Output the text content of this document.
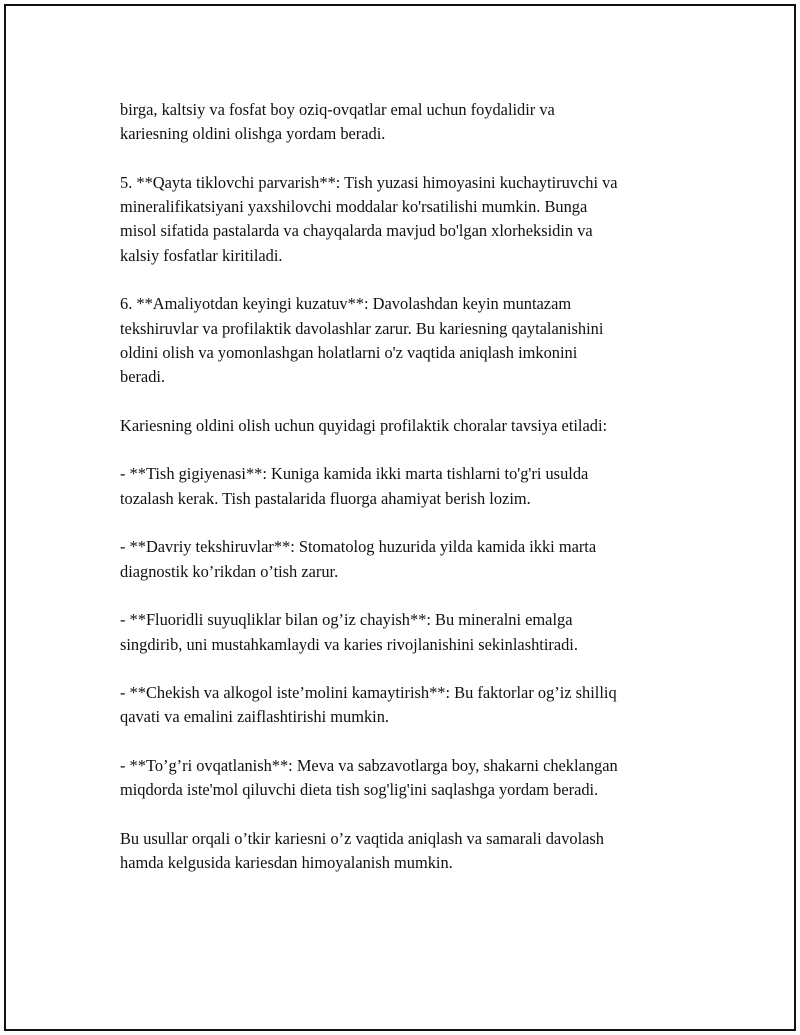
birga, kaltsiy va fosfat boy oziq-ovqatlar emal uchun foydalidir va
kariesning oldini olishga yordam beradi.

5. **Qayta tiklovchi parvarish**: Tish yuzasi himoyasini kuchaytiruvchi va
mineralifikatsiyani yaxshilovchi moddalar ko'rsatilishi mumkin. Bunga
misol sifatida pastalarda va chayqalarda mavjud bo'lgan xlorheksidin va
kalsiy fosfatlar kiritiladi.

6. **Amaliyotdan keyingi kuzatuv**: Davolashdan keyin muntazam
tekshiruvlar va profilaktik davolashlar zarur. Bu kariesning qaytalanishini
oldini olish va yomonlashgan holatlarni o'z vaqtida aniqlash imkonini
beradi.

Kariesning oldini olish uchun quyidagi profilaktik choralar tavsiya etiladi:

- **Tish gigiyenasi**: Kuniga kamida ikki marta tishlarni to'g'ri usulda
tozalash kerak. Tish pastalarida fluorga ahamiyat berish lozim.

- **Davriy tekshiruvlar**: Stomatolog huzurida yilda kamida ikki marta
diagnostik ko’rikdan o’tish zarur.

- **Fluoridli suyuqliklar bilan og’iz chayish**: Bu mineralni emalga
singdirib, uni mustahkamlaydi va karies rivojlanishini sekinlashtiradi.

- **Chekish va alkogol iste’molini kamaytirish**: Bu faktorlar og’iz shilliq
qavati va emalini zaiflashtirishi mumkin.

- **To’g’ri ovqatlanish**: Meva va sabzavotlarga boy, shakarni cheklangan
miqdorda iste'mol qiluvchi dieta tish sog'lig'ini saqlashga yordam beradi.

Bu usullar orqali o’tkir kariesni o’z vaqtida aniqlash va samarali davolash
hamda kelgusida kariesdan himoyalanish mumkin.
